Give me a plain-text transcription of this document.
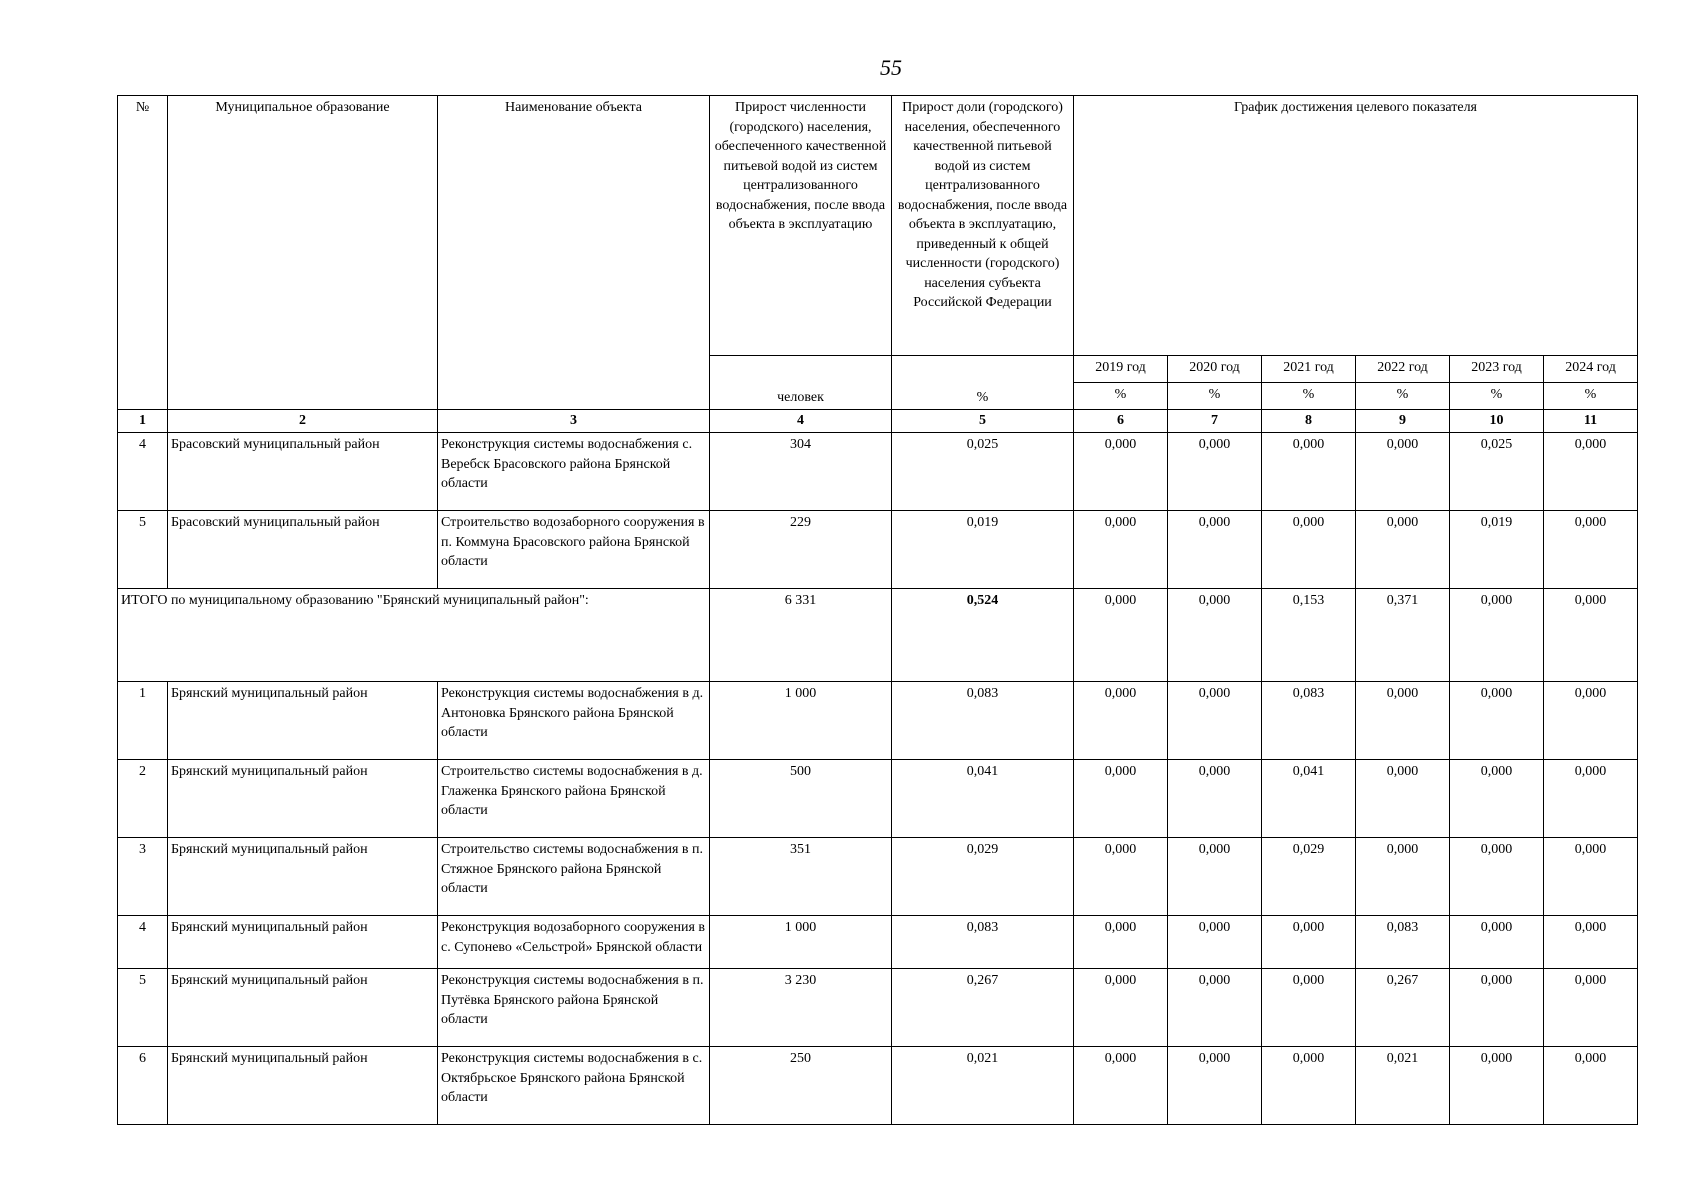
55
№	Муниципальное образование	Наименование объекта	Прирост численности (городского) населения, обеспеченного качественной питьевой водой из систем централизованного водоснабжения, после ввода объекта в эксплуатацию	Прирост доли (городского) населения, обеспеченного качественной питьевой водой из систем централизованного водоснабжения, после ввода объекта в эксплуатацию, приведенный к общей численности (городского) населения субъекта Российской Федерации	График достижения целевого показателя					
			человек	%	2019 год	2020 год	2021 год	2022 год	2023 год	2024 год
					%	%	%	%	%	%
1	2	3	4	5	6	7	8	9	10	11
4	Брасовский муниципальный район	Реконструкция системы водоснабжения с. Веребск Брасовского района Брянской области	304	0,025	0,000	0,000	0,000	0,000	0,025	0,000
5	Брасовский муниципальный район	Строительство водозаборного сооружения в п. Коммуна Брасовского района Брянской области	229	0,019	0,000	0,000	0,000	0,000	0,019	0,000
ИТОГО по муниципальному образованию "Брянский муниципальный район":			6 331	0,524	0,000	0,000	0,153	0,371	0,000	0,000
1	Брянский муниципальный район	Реконструкция системы водоснабжения в д. Антоновка Брянского района Брянской области	1 000	0,083	0,000	0,000	0,083	0,000	0,000	0,000
2	Брянский муниципальный район	Строительство системы водоснабжения в д. Глаженка Брянского района Брянской области	500	0,041	0,000	0,000	0,041	0,000	0,000	0,000
3	Брянский муниципальный район	Строительство системы водоснабжения в п. Стяжное Брянского района Брянской области	351	0,029	0,000	0,000	0,029	0,000	0,000	0,000
4	Брянский муниципальный район	Реконструкция водозаборного сооружения в с. Супонево «Сельстрой» Брянской области	1 000	0,083	0,000	0,000	0,000	0,083	0,000	0,000
5	Брянский муниципальный район	Реконструкция системы водоснабжения в п. Путёвка Брянского района Брянской области	3 230	0,267	0,000	0,000	0,000	0,267	0,000	0,000
6	Брянский муниципальный район	Реконструкция системы водоснабжения в с. Октябрьское Брянского района Брянской области	250	0,021	0,000	0,000	0,000	0,021	0,000	0,000
